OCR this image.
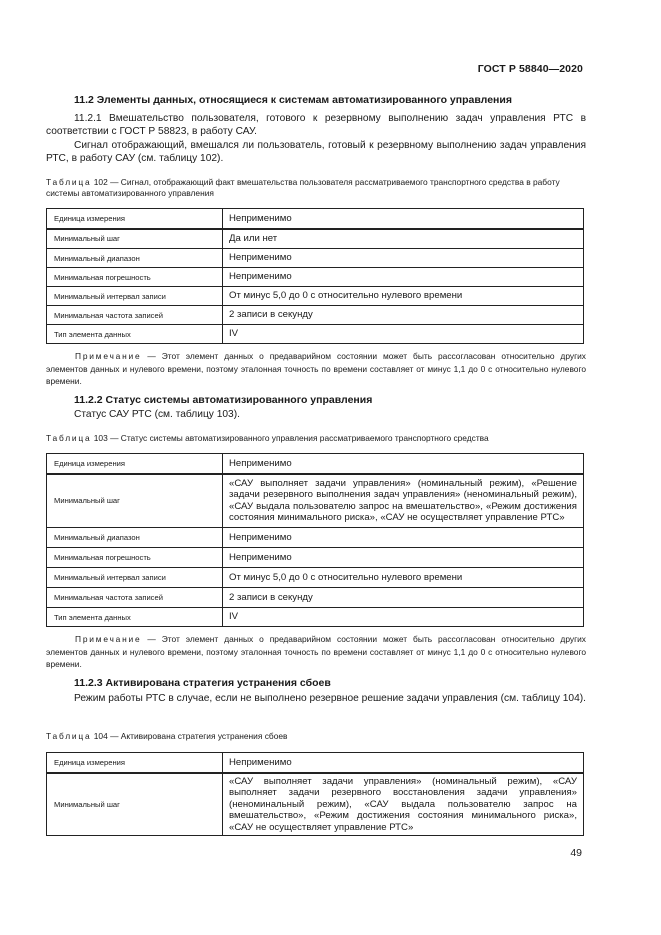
ГОСТ Р 58840—2020
11.2 Элементы данных, относящиеся к системам автоматизированного управления
11.2.1 Вмешательство пользователя, готового к резервному выполнению задач управления РТС в соответствии с ГОСТ Р 58823, в работу САУ.
Сигнал отображающий, вмешался ли пользователь, готовый к резервному выполнению задач управления РТС, в работу САУ (см. таблицу 102).
Таблица 102 — Сигнал, отображающий факт вмешательства пользователя рассматриваемого транспортного средства в работу системы автоматизированного управления
Единица измерения	Неприменимо
Минимальный шаг	Да или нет
Минимальный диапазон	Неприменимо
Минимальная погрешность	Неприменимо
Минимальный интервал записи	От минус 5,0 до 0 с относительно нулевого времени
Минимальная частота записей	2 записи в секунду
Тип элемента данных	IV
Примечание — Этот элемент данных о предаварийном состоянии может быть рассогласован относительно других элементов данных и нулевого времени, поэтому эталонная точность по времени составляет от минус 1,1 до 0 с относительно нулевого времени.
11.2.2 Статус системы автоматизированного управления
Статус САУ РТС (см. таблицу 103).
Таблица 103 — Статус системы автоматизированного управления рассматриваемого транспортного средства
Единица измерения	Неприменимо
Минимальный шаг	«САУ выполняет задачи управления» (номинальный режим), «Решение задачи резервного выполнения задач управления» (неноминальный режим), «САУ выдала пользователю запрос на вмешательство», «Режим достижения состояния минимального риска», «САУ не осуществляет управление РТС»
Минимальный диапазон	Неприменимо
Минимальная погрешность	Неприменимо
Минимальный интервал записи	От минус 5,0 до 0 с относительно нулевого времени
Минимальная частота записей	2 записи в секунду
Тип элемента данных	IV
Примечание — Этот элемент данных о предаварийном состоянии может быть рассогласован относительно других элементов данных и нулевого времени, поэтому эталонная точность по времени составляет от минус 1,1 до 0 с относительно нулевого времени.
11.2.3 Активирована стратегия устранения сбоев
Режим работы РТС в случае, если не выполнено резервное решение задачи управления (см. таблицу 104).
Таблица 104 — Активирована стратегия устранения сбоев
Единица измерения	Неприменимо
Минимальный шаг	«САУ выполняет задачи управления» (номинальный режим), «САУ выполняет задачи резервного восстановления задачи управления» (неноминальный режим), «САУ выдала пользователю запрос на вмешательство», «Режим достижения состояния минимального риска», «САУ не осуществляет управление РТС»
49
